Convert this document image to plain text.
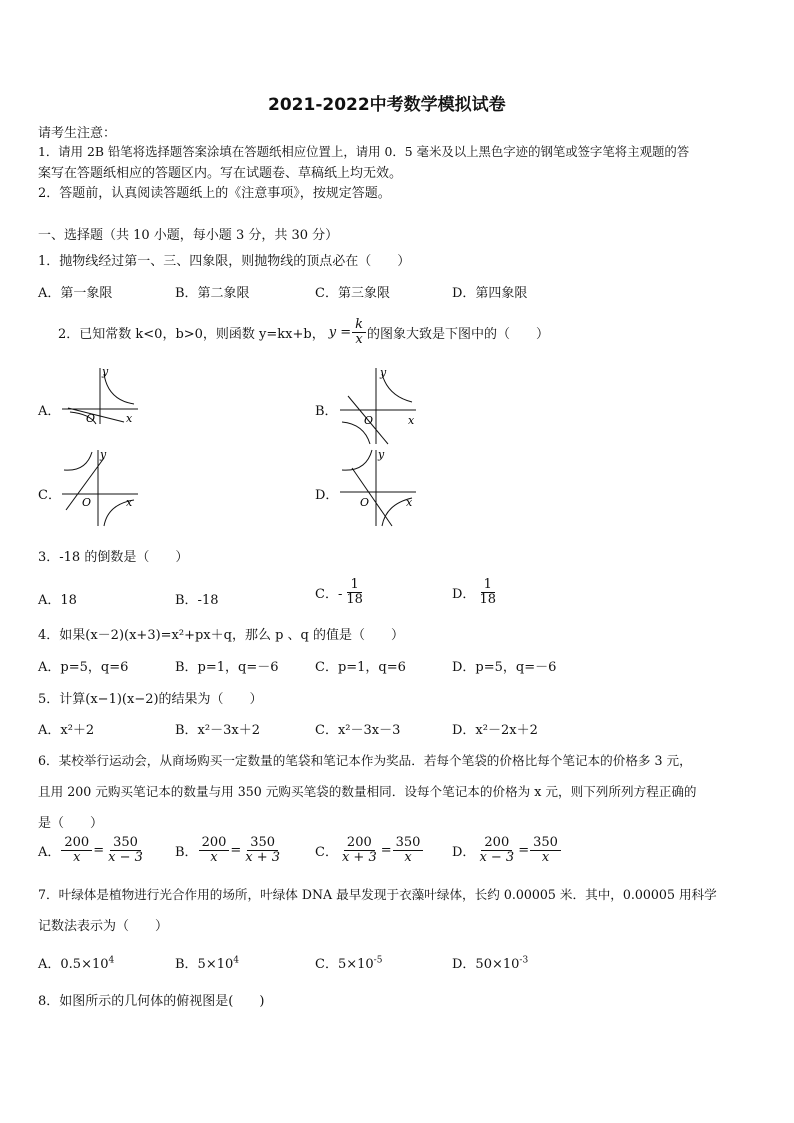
2021-2022中考数学模拟试卷
请考生注意：
1．请用 2B 铅笔将选择题答案涂填在答题纸相应位置上，请用 0．5 毫米及以上黑色字迹的钢笔或签字笔将主观题的答
案写在答题纸相应的答题区内。写在试题卷、草稿纸上均无效。
2．答题前，认真阅读答题纸上的《注意事项》，按规定答题。
一、选择题（共 10 小题，每小题 3 分，共 30 分）
1．抛物线经过第一、三、四象限，则抛物线的顶点必在（　　）
A．第一象限	B．第二象限	C．第三象限	D．第四象限
2．已知常数 k<0，b>0，则函数 y=kx+b， $y = \frac{k}{x}$ 的图象大致是下图中的（　　）
A．	x
y
O	B．
x
y
O
C．	x
y
O	D．	x
y
O
3．-18 的倒数是（　　）
A．18	B．-18	C．- $\frac{1}{18}$	D． $\frac{1}{18}$
4．如果(x－2)(x+3)=x²+px＋q，那么 p 、q 的值是（　　）
A．p=5，q=6	B．p=1，q=－6	C．p=1，q=6	D．p=5，q=－6
5．计算(x−1)(x−2)的结果为（　　）
A．x²＋2	B．x²－3x＋2	C．x²－3x－3	D．x²－2x＋2
6．某校举行运动会，从商场购买一定数量的笔袋和笔记本作为奖品．若每个笔袋的价格比每个笔记本的价格多 3 元，
且用 200 元购买笔记本的数量与用 350 元购买笔袋的数量相同．设每个笔记本的价格为 x 元，则下列所列方程正确的
是（　　）
A． $\frac{200}{x} = \frac{350}{x - 3}$ B． $\frac{200}{x} = \frac{350}{x + 3}$ C． $\frac{200}{x + 3} = \frac{350}{x}$ D． $\frac{200}{x - 3} = \frac{350}{x}$
7．叶绿体是植物进行光合作用的场所，叶绿体 DNA 最早发现于衣藻叶绿体，长约 0.00005 米．其中，0.00005 用科学
记数法表示为（　　）
A．$0.5\times 10^4$	B．$5\times 10^4$	C．$5\times 10^{-5}$	D．$50\times 10^{-3}$
8．如图所示的几何体的俯视图是(　　)
